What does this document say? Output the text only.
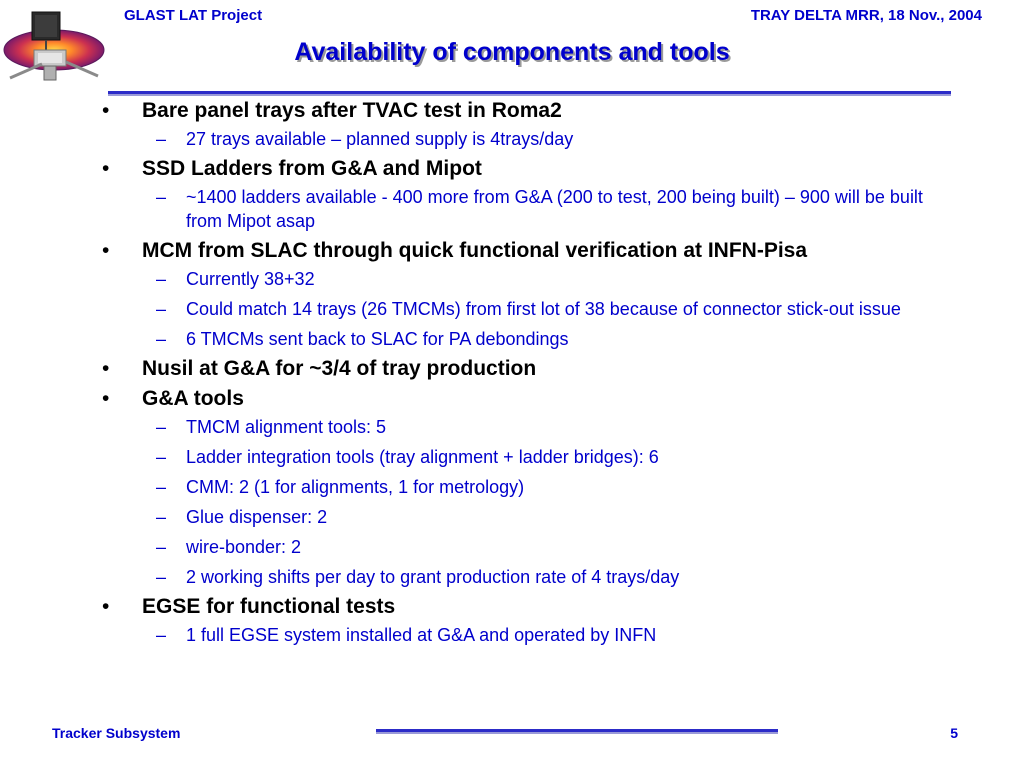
GLAST LAT Project	TRAY DELTA MRR, 18 Nov., 2004
Availability of components and tools
• Bare panel trays after TVAC test in Roma2
– 27 trays available – planned supply is 4trays/day
• SSD Ladders from G&A and Mipot
– ~1400 ladders available - 400 more from G&A (200 to test, 200 being built) – 900 will be built from Mipot asap
• MCM from SLAC through quick functional verification at INFN-Pisa
– Currently 38+32
– Could match 14 trays (26 TMCMs) from first lot of 38 because of connector stick-out issue
– 6 TMCMs sent back to SLAC for PA debondings
• Nusil at G&A for ~3/4 of tray production
• G&A tools
– TMCM alignment tools: 5
– Ladder integration tools (tray alignment + ladder bridges): 6
– CMM: 2 (1 for alignments, 1 for metrology)
– Glue dispenser: 2
– wire-bonder: 2
– 2 working shifts per day to grant production rate of 4 trays/day
• EGSE for functional tests
– 1 full EGSE system installed at G&A and operated by INFN
Tracker Subsystem	5
